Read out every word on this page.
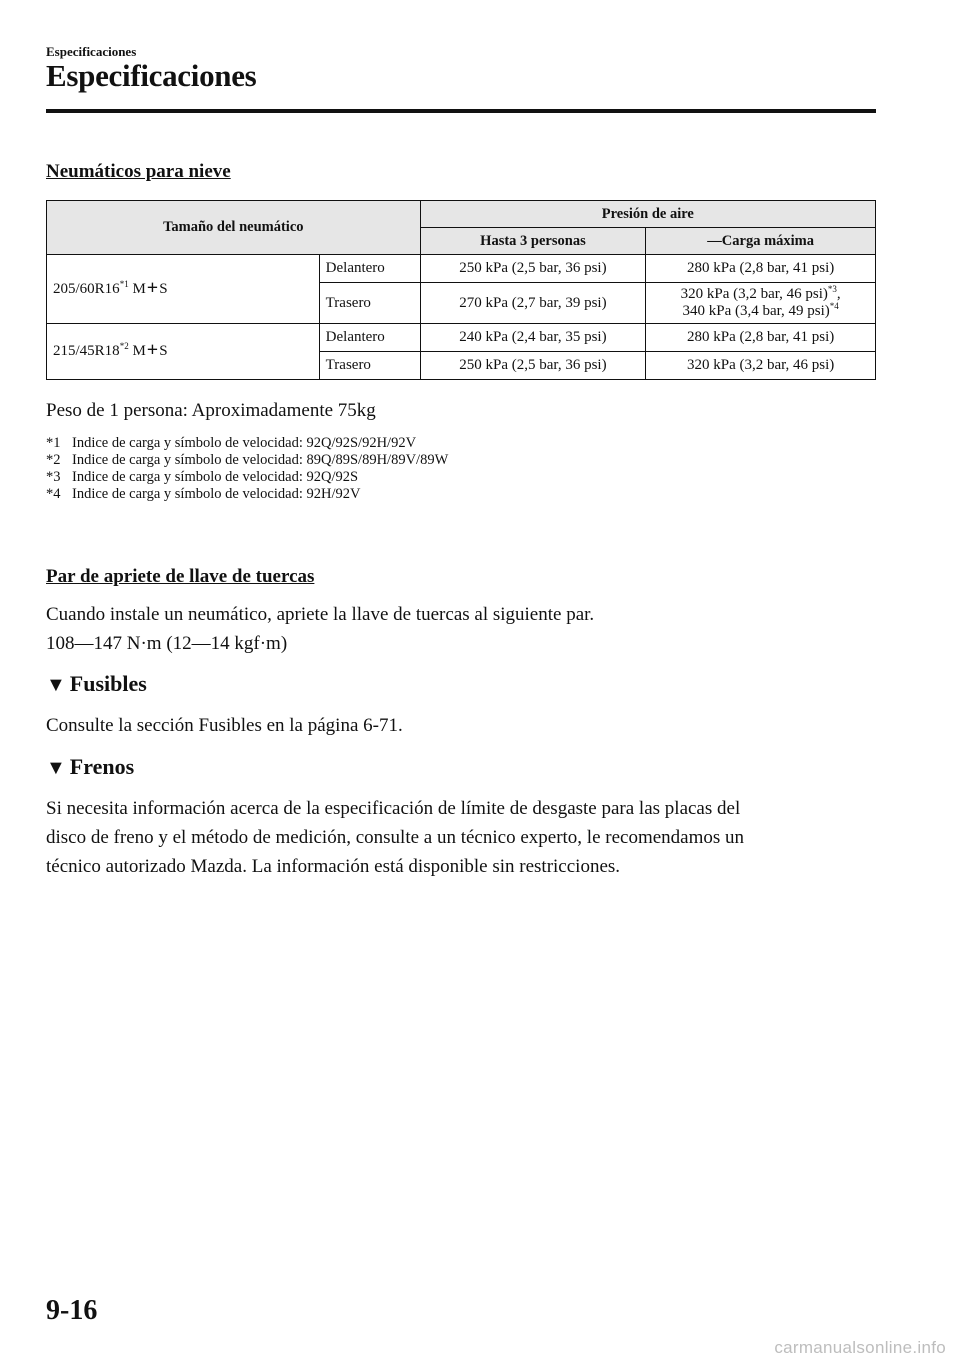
Especificaciones
Especificaciones
Neumáticos para nieve
Tamaño del neumático		Presión de aire	
		Hasta 3 personas	—Carga máxima
205/60R16$^{*1}$ M+S	Delantero	250 kPa (2,5 bar, 36 psi)	280 kPa (2,8 bar, 41 psi)
	Trasero	270 kPa (2,7 bar, 39 psi)	320 kPa (3,2 bar, 46 psi)$^{*3}$,
340 kPa (3,4 bar, 49 psi)$^{*4}$
215/45R18$^{*2}$ M+S	Delantero	240 kPa (2,4 bar, 35 psi)	280 kPa (2,8 bar, 41 psi)
	Trasero	250 kPa (2,5 bar, 36 psi)	320 kPa (3,2 bar, 46 psi)
Peso de 1 persona: Aproximadamente 75kg
*1 Indice de carga y símbolo de velocidad: 92Q/92S/92H/92V
*2 Indice de carga y símbolo de velocidad: 89Q/89S/89H/89V/89W
*3 Indice de carga y símbolo de velocidad: 92Q/92S
*4 Indice de carga y símbolo de velocidad: 92H/92V
Par de apriete de llave de tuercas
Cuando instale un neumático, apriete la llave de tuercas al siguiente par.
108—147 N·m (12—14 kgf·m)
▼ Fusibles
Consulte la sección Fusibles en la página 6-71.
▼ Frenos
Si necesita información acerca de la especificación de límite de desgaste para las placas del
disco de freno y el método de medición, consulte a un técnico experto, le recomendamos un
técnico autorizado Mazda. La información está disponible sin restricciones.
9-16
carmanualsonline.info
